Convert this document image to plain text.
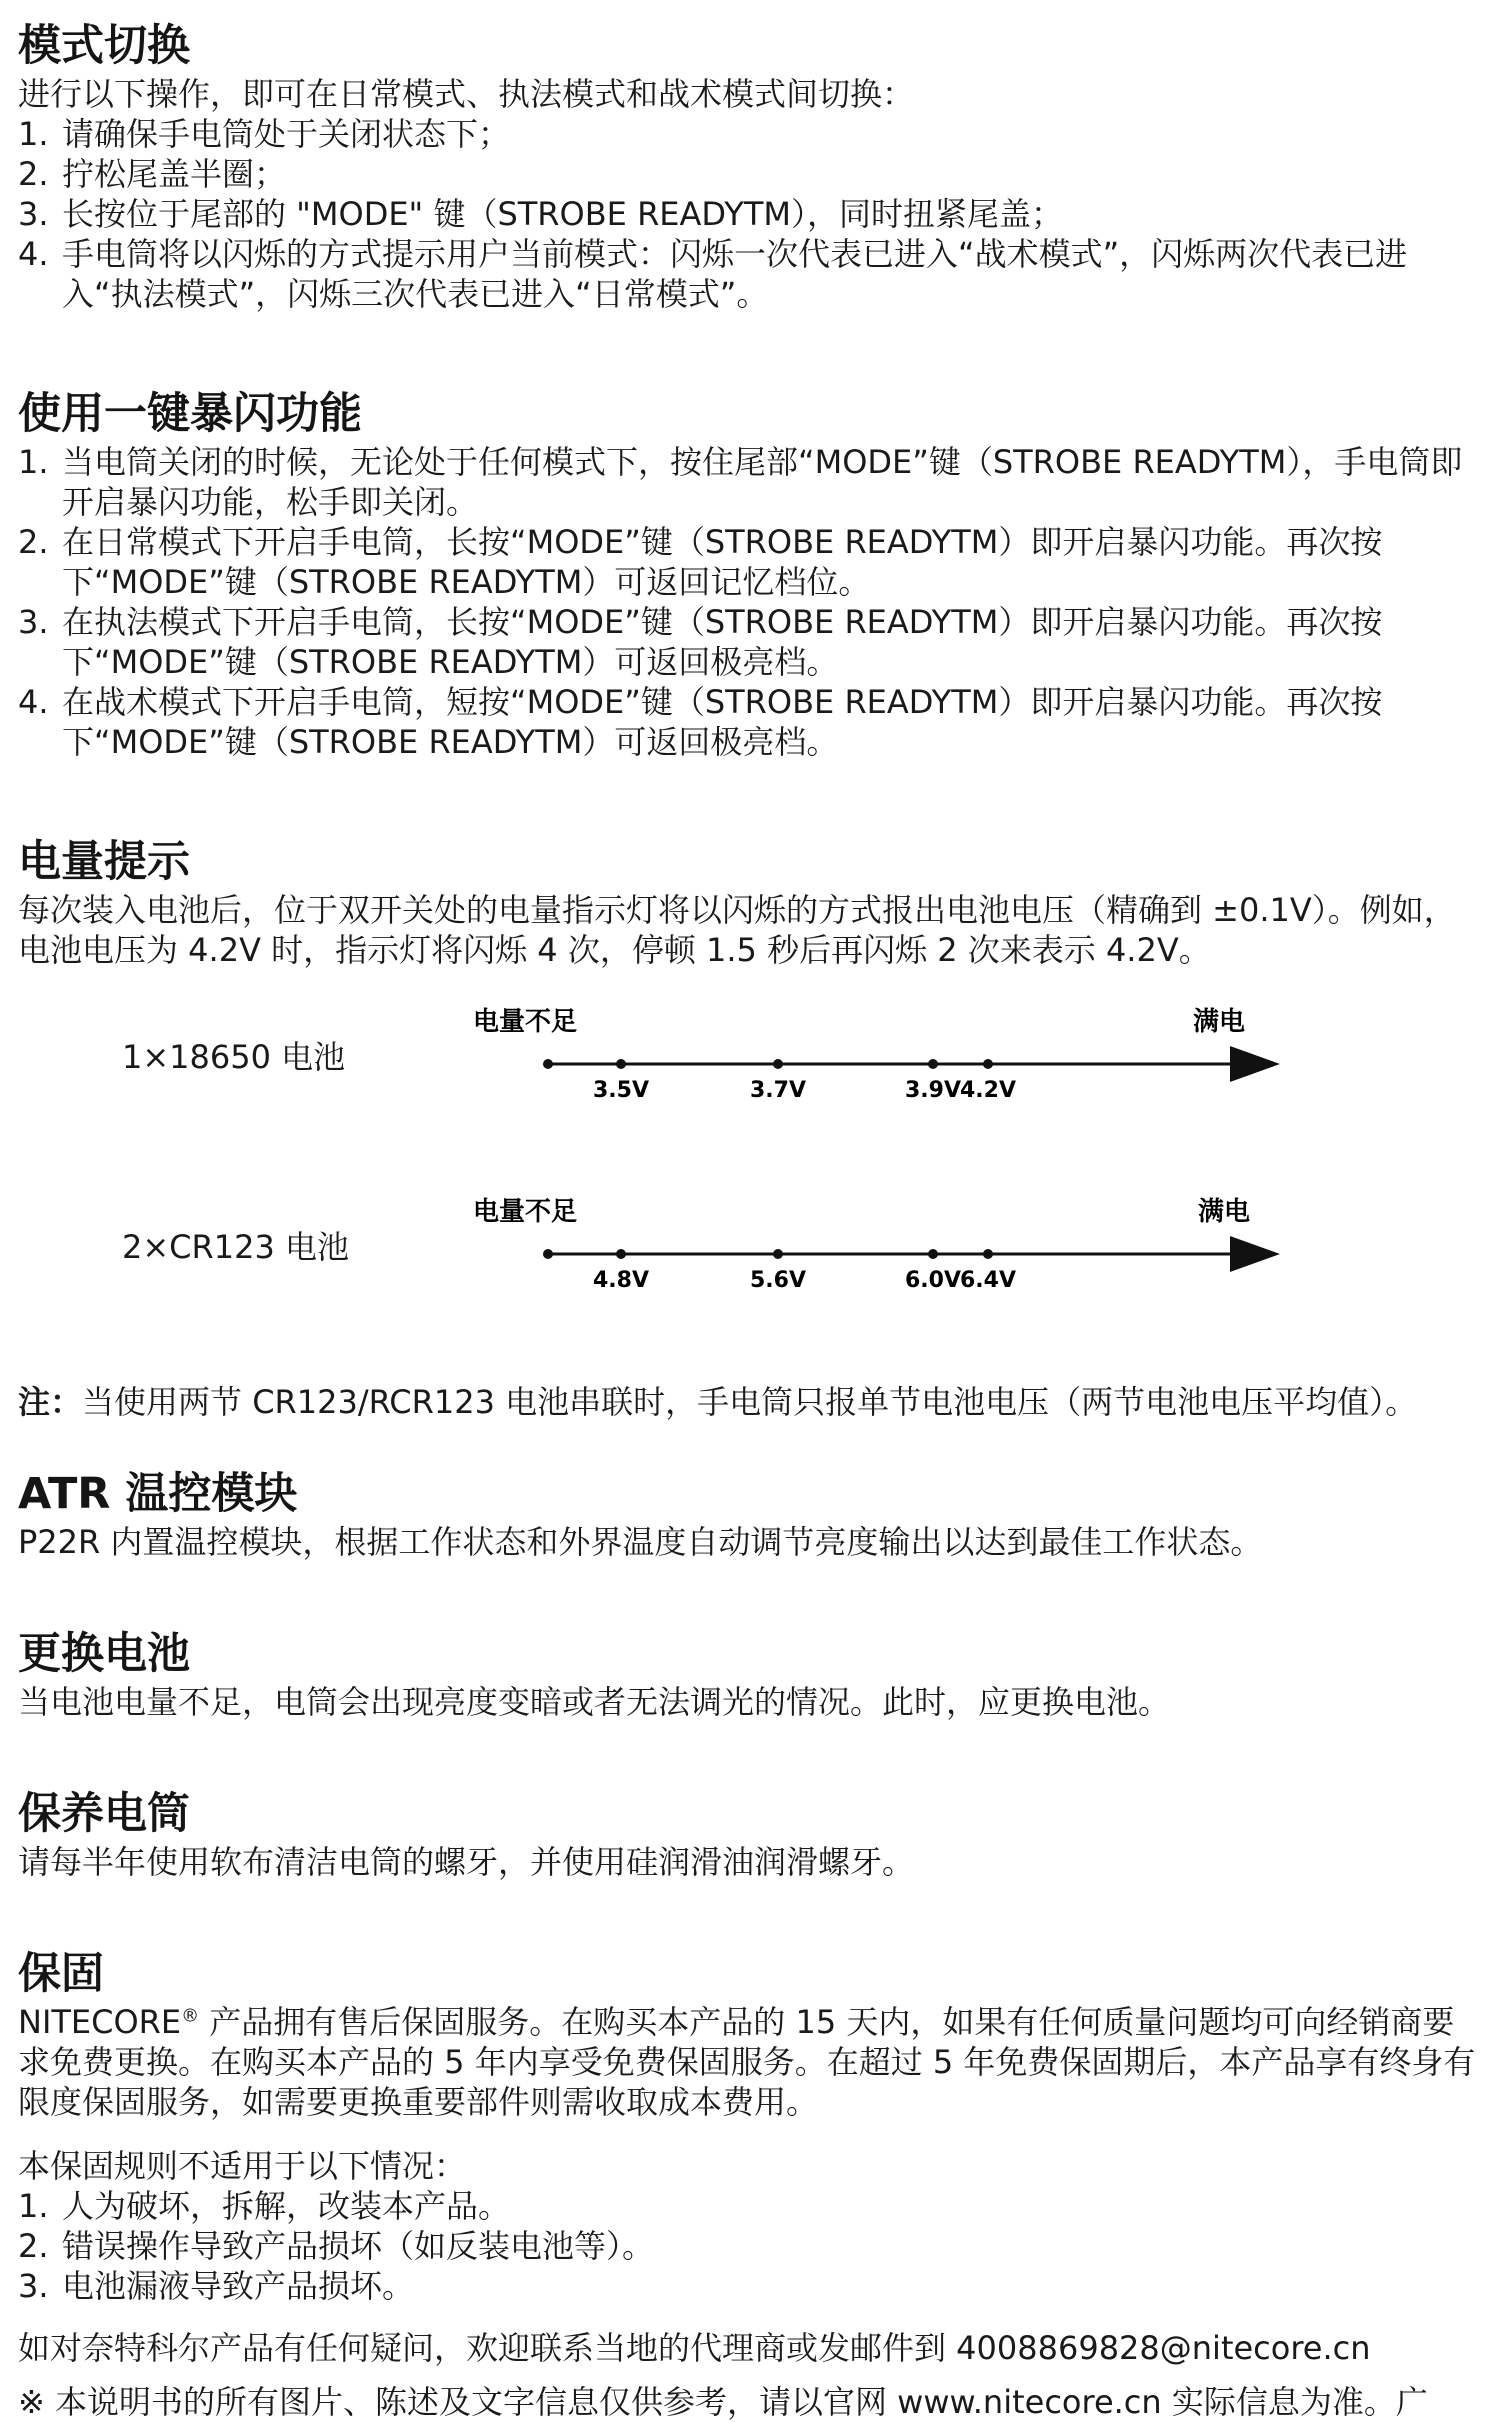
模式切换

进行以下操作，即可在日常模式、执法模式和战术模式间切换：

1. 请确保手电筒处于关闭状态下；
2. 拧松尾盖半圈；
3. 长按位于尾部的 "MODE" 键（STROBE READYTM），同时扭紧尾盖；
4. 手电筒将以闪烁的方式提示用户当前模式：闪烁一次代表已进入“战术模式”，闪烁两次代表已进入“执法模式”，闪烁三次代表已进入“日常模式”。
使用一键暴闪功能
1. 当电筒关闭的时候，无论处于任何模式下，按住尾部“MODE”键（STROBE READYTM），手电筒即开启暴闪功能，松手即关闭。
2. 在日常模式下开启手电筒，长按“MODE”键（STROBE READYTM）即开启暴闪功能。再次按下“MODE”键（STROBE READYTM）可返回记忆档位。
3. 在执法模式下开启手电筒，长按“MODE”键（STROBE READYTM）即开启暴闪功能。再次按下“MODE”键（STROBE READYTM）可返回极亮档。
4. 在战术模式下开启手电筒，短按“MODE”键（STROBE READYTM）即开启暴闪功能。再次按下“MODE”键（STROBE READYTM）可返回极亮档。
电量提示

每次装入电池后，位于双开关处的电量指示灯将以闪烁的方式报出电池电压（精确到 ±0.1V）。例如，电池电压为 4.2V 时，指示灯将闪烁 4 次，停顿 1.5 秒后再闪烁 2 次来表示 4.2V。

1×18650 电池
电量不足	满电
3.5V	3.7V	3.9V 4.2V
2×CR123 电池
电量不足	满电
4.8V	5.6V	6.0V 6.4V

注：当使用两节 CR123/RCR123 电池串联时，手电筒只报单节电池电压（两节电池电压平均值）。

ATR 温控模块

P22R 内置温控模块，根据工作状态和外界温度自动调节亮度输出以达到最佳工作状态。

更换电池

当电池电量不足，电筒会出现亮度变暗或者无法调光的情况。此时，应更换电池。

保养电筒

请每半年使用软布清洁电筒的螺牙，并使用硅润滑油润滑螺牙。

保固

NITECORE® 产品拥有售后保固服务。在购买本产品的 15 天内，如果有任何质量问题均可向经销商要求免费更换。在购买本产品的 5 年内享受免费保固服务。在超过 5 年免费保固期后，本产品享有终身有限度保固服务，如需要更换重要部件则需收取成本费用。

本保固规则不适用于以下情况：

1. 人为破坏，拆解，改装本产品。
2. 错误操作导致产品损坏（如反装电池等）。
3. 电池漏液导致产品损坏。

如对奈特科尔产品有任何疑问，欢迎联系当地的代理商或发邮件到 4008869828@nitecore.cn

※ 本说明书的所有图片、陈述及文字信息仅供参考，请以官网 www.nitecore.cn 实际信息为准。广
